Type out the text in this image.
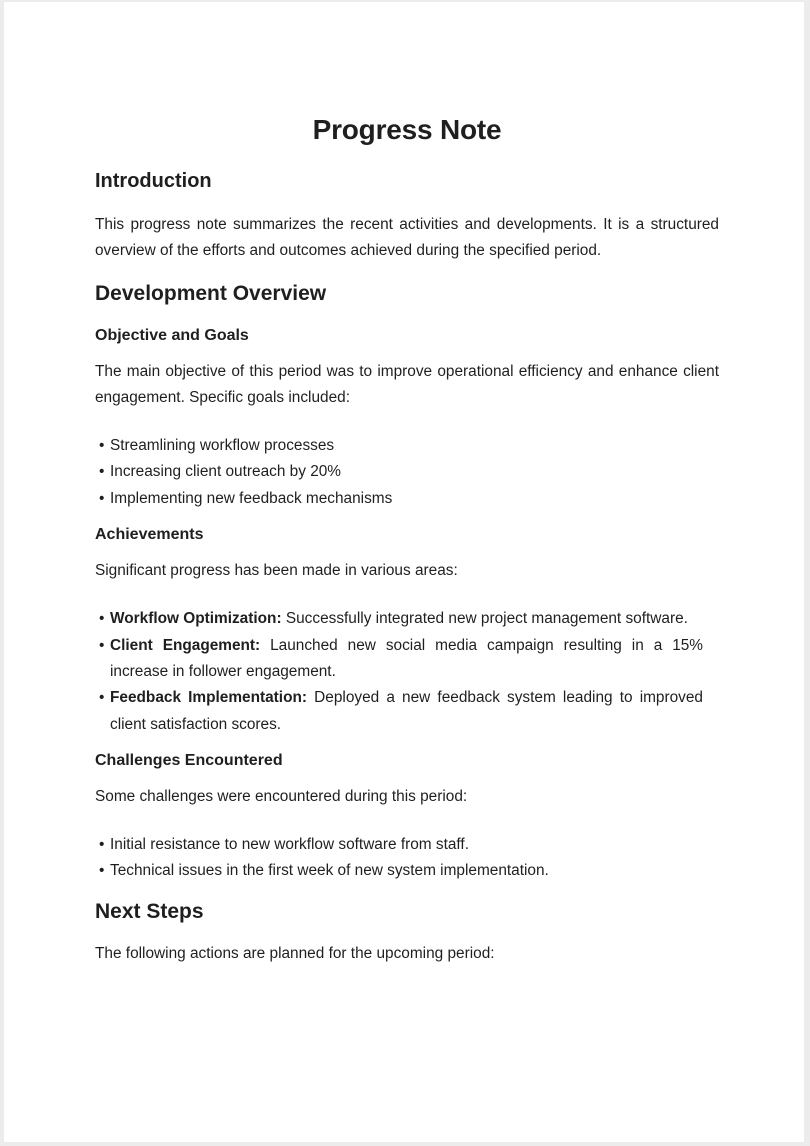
Progress Note
Introduction

This progress note summarizes the recent activities and developments. It is a structured overview of the efforts and outcomes achieved during the specified period.

Development Overview
Objective and Goals

The main objective of this period was to improve operational efficiency and enhance client engagement. Specific goals included:

• Streamlining workflow processes
• Increasing client outreach by 20%
• Implementing new feedback mechanisms
Achievements

Significant progress has been made in various areas:

• Workflow Optimization: Successfully integrated new project management software.
• Client Engagement: Launched new social media campaign resulting in a 15% increase in follower engagement.
• Feedback Implementation: Deployed a new feedback system leading to improved client satisfaction scores.
Challenges Encountered

Some challenges were encountered during this period:

• Initial resistance to new workflow software from staff.
• Technical issues in the first week of new system implementation.
Next Steps

The following actions are planned for the upcoming period:
